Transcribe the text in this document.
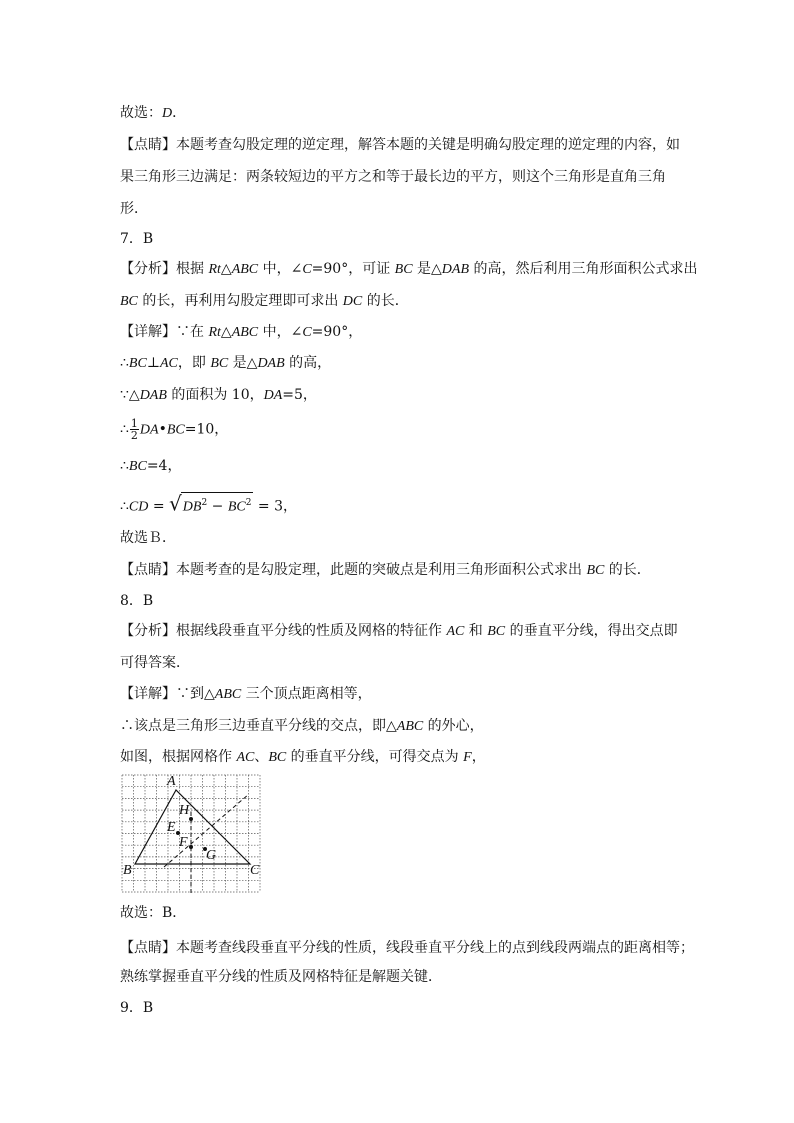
故选：D．
【点睛】本题考查勾股定理的逆定理，解答本题的关键是明确勾股定理的逆定理的内容，如
果三角形三边满足：两条较短边的平方之和等于最长边的平方，则这个三角形是直角三角
形．
7．B
【分析】根据 Rt△ABC 中，∠C=90°，可证 BC 是△DAB 的高，然后利用三角形面积公式求出
BC 的长，再利用勾股定理即可求出 DC 的长．
【详解】∵在 Rt△ABC 中，∠C=90°，
∴BC⊥AC，即 BC 是△DAB 的高，
∵△DAB 的面积为 10，DA=5，
∴ $\frac{1}{2}$ DA•BC=10，
∴BC=4，
∴CD = $√DB^2 - BC^2 = 3$，
故选Ｂ．
【点睛】本题考查的是勾股定理，此题的突破点是利用三角形面积公式求出 BC 的长．
8．B
【分析】根据线段垂直平分线的性质及网格的特征作 AC 和 BC 的垂直平分线，得出交点即
可得答案．
【详解】∵到△ABC 三个顶点距离相等，
∴该点是三角形三边垂直平分线的交点，即△ABC 的外心，
如图，根据网格作 AC、BC 的垂直平分线，可得交点为 F，
A
B	C
H
E
F
G
故选：B．
【点睛】本题考查线段垂直平分线的性质，线段垂直平分线上的点到线段两端点的距离相等；
熟练掌握垂直平分线的性质及网格特征是解题关键．
9．B
